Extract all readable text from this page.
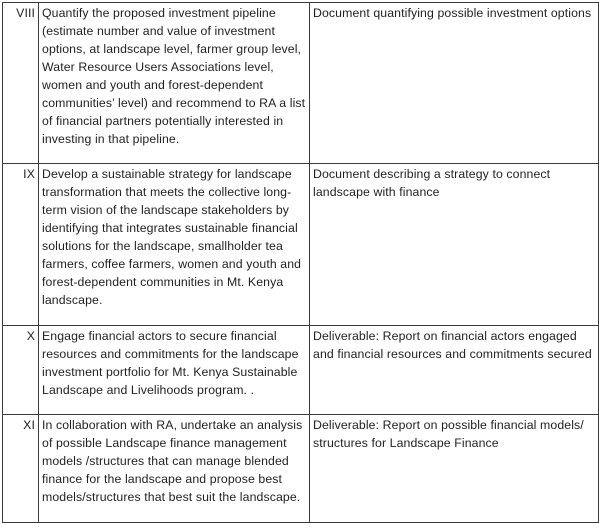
VIII	Quantify the proposed investment pipeline (estimate number and value of investment options, at landscape level, farmer group level, Water Resource Users Associations level, women and youth and forest-dependent communities’ level) and recommend to RA a list of financial partners potentially interested in investing in that pipeline.	Document quantifying possible investment options

IX	Develop a sustainable strategy for landscape transformation that meets the collective long-term vision of the landscape stakeholders by identifying that integrates sustainable financial solutions for the landscape, smallholder tea farmers, coffee farmers, women and youth and forest-dependent communities in Mt. Kenya landscape.	Document describing a strategy to connect landscape with finance

X	Engage financial actors to secure financial resources and commitments for the landscape investment portfolio for Mt. Kenya Sustainable Landscape and Livelihoods program. .	Deliverable: Report on financial actors engaged and financial resources and commitments secured

XI	In collaboration with RA, undertake an analysis of possible Landscape finance management models /structures that can manage blended finance for the landscape and propose best models/structures that best suit the landscape.	Deliverable: Report on possible financial models/ structures for Landscape Finance
